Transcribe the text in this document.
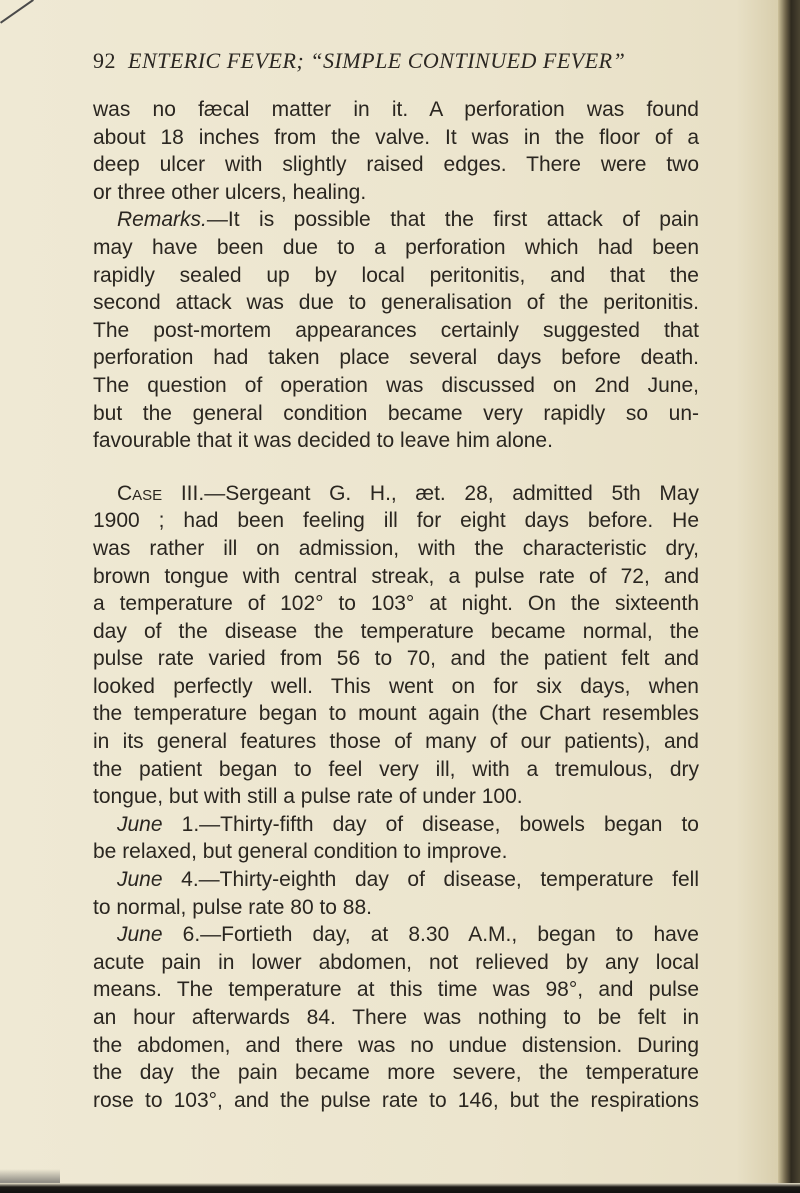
92 ENTERIC FEVER; “SIMPLE CONTINUED FEVER”
was no fæcal matter in it. A perforation was found
about 18 inches from the valve. It was in the floor of a
deep ulcer with slightly raised edges. There were two
or three other ulcers, healing.
Remarks.—It is possible that the first attack of pain
may have been due to a perforation which had been
rapidly sealed up by local peritonitis, and that the
second attack was due to generalisation of the peritonitis.
The post-mortem appearances certainly suggested that
perforation had taken place several days before death.
The question of operation was discussed on 2nd June,
but the general condition became very rapidly so un-
favourable that it was decided to leave him alone.
Case III.—Sergeant G. H., æt. 28, admitted 5th May
1900 ; had been feeling ill for eight days before. He
was rather ill on admission, with the characteristic dry,
brown tongue with central streak, a pulse rate of 72, and
a temperature of 102° to 103° at night. On the sixteenth
day of the disease the temperature became normal, the
pulse rate varied from 56 to 70, and the patient felt and
looked perfectly well. This went on for six days, when
the temperature began to mount again (the Chart resembles
in its general features those of many of our patients), and
the patient began to feel very ill, with a tremulous, dry
tongue, but with still a pulse rate of under 100.
June 1.—Thirty-fifth day of disease, bowels began to
be relaxed, but general condition to improve.
June 4.—Thirty-eighth day of disease, temperature fell
to normal, pulse rate 80 to 88.
June 6.—Fortieth day, at 8.30 A.M., began to have
acute pain in lower abdomen, not relieved by any local
means. The temperature at this time was 98°, and pulse
an hour afterwards 84. There was nothing to be felt in
the abdomen, and there was no undue distension. During
the day the pain became more severe, the temperature
rose to 103°, and the pulse rate to 146, but the respirations
